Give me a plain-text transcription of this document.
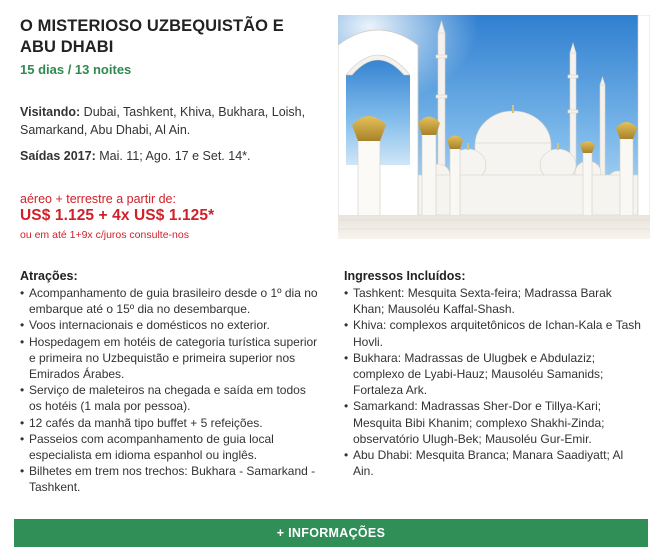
O MISTERIOSO UZBEQUISTÃO E ABU DHABI
15 dias / 13 noites
Visitando: Dubai, Tashkent, Khiva, Bukhara, Loish, Samarkand, Abu Dhabi, Al Ain.
Saídas 2017: Mai. 11; Ago. 17 e Set. 14*.
aéreo + terrestre a partir de:
US$ 1.125 + 4x US$ 1.125*
ou em até 1+9x c/juros consulte-nos
Atrações:
• Acompanhamento de guia brasileiro desde o 1º dia no embarque até o 15º dia no desembarque.
• Voos internacionais e domésticos no exterior.
• Hospedagem em hotéis de categoria turística superior e primeira no Uzbequistão e primeira superior nos Emirados Árabes.
• Serviço de maleteiros na chegada e saída em todos os hotéis (1 mala por pessoa).
• 12 cafés da manhã tipo buffet + 5 refeições.
• Passeios com acompanhamento de guia local especialista em idioma espanhol ou inglês.
• Bilhetes em trem nos trechos: Bukhara - Samarkand - Tashkent.
Ingressos Incluídos:
• Tashkent: Mesquita Sexta-feira; Madrassa Barak Khan; Mausoléu Kaffal-Shash.
• Khiva: complexos arquitetônicos de Ichan-Kala e Tash Hovli.
• Bukhara: Madrassas de Ulugbek e Abdulaziz; complexo de Lyabi-Hauz; Mausoléu Samanids; Fortaleza Ark.
• Samarkand: Madrassas Sher-Dor e Tillya-Kari; Mesquita Bibi Khanim; complexo Shakhi-Zinda; observatório Ulugh-Bek; Mausoléu Gur-Emir.
• Abu Dhabi: Mesquita Branca; Manara Saadiyatt; Al Ain.
+ INFORMAÇÕES
